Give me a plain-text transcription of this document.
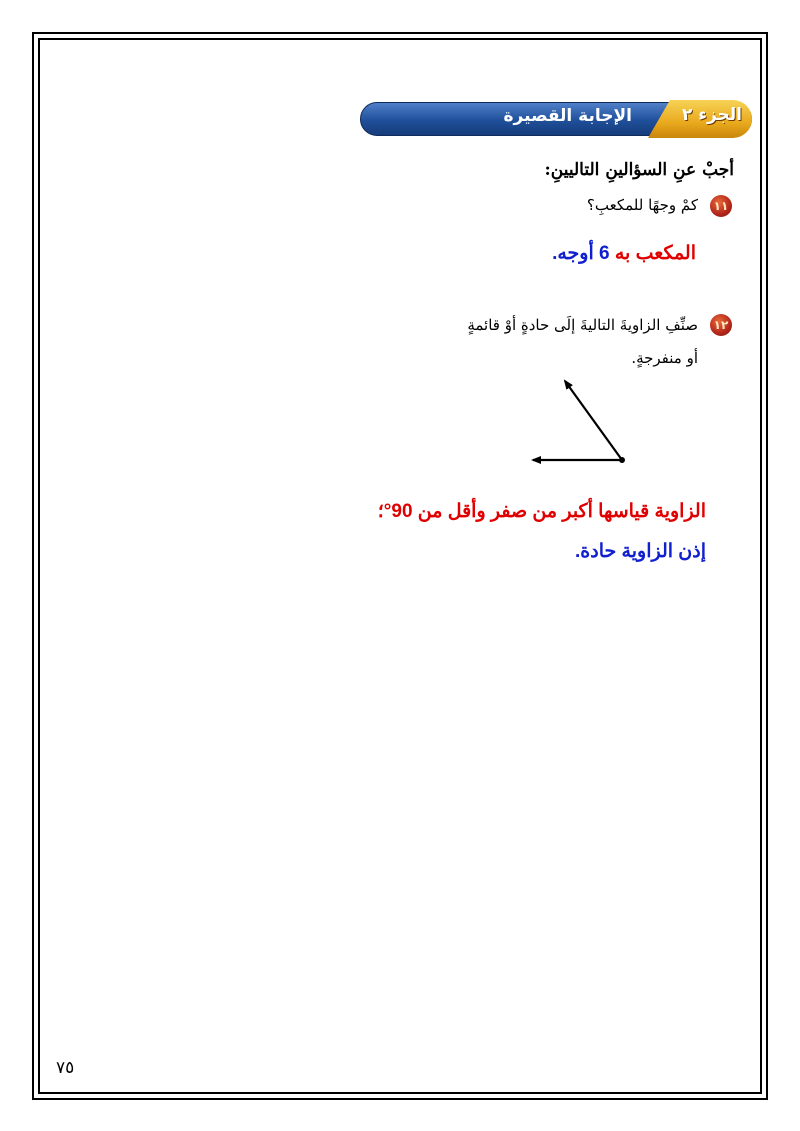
الجزء ٢
الإجابة القصيرة
أجبْ عنِ السؤالينِ التاليينِ:
١١
كمْ وجهًا للمكعبِ؟
المكعب به 6 أوجه.
١٢
صنِّفِ الزاويةَ التاليةَ إلَى حادةٍ أوْ قائمةٍ
أو منفرجةٍ.
الزاوية قياسها أكبر من صفر وأقل من 90°؛
إذن الزاوية حادة.
٧٥
